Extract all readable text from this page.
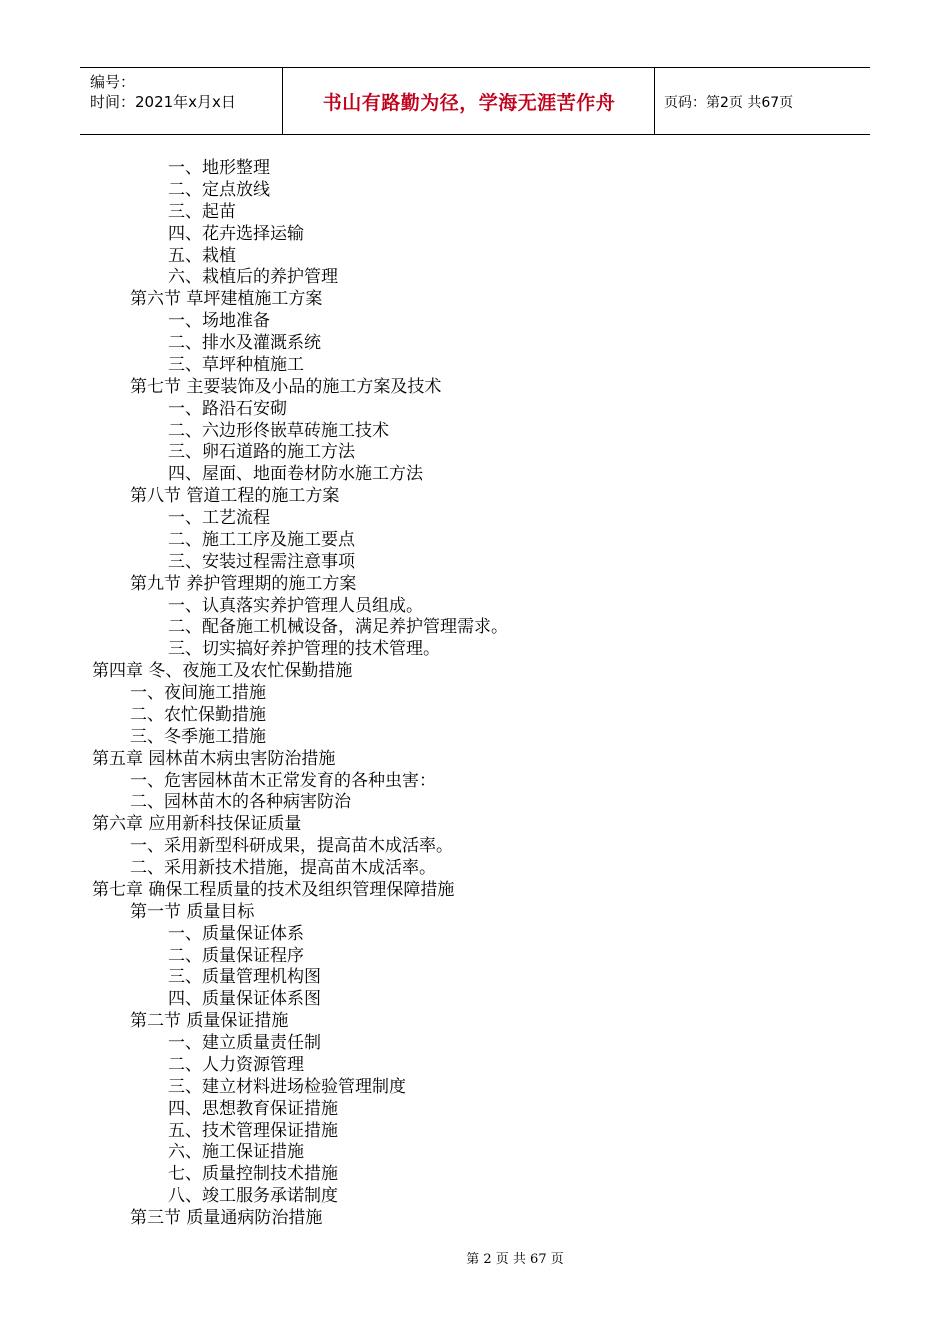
编号：
时间：2021年x月x日	书山有路勤为径，学海无涯苦作舟	页码：第2页 共67页
一、地形整理
二、定点放线
三、起苗
四、花卉选择运输
五、栽植
六、栽植后的养护管理
第六节 草坪建植施工方案
一、场地准备
二、排水及灌溉系统
三、草坪种植施工
第七节 主要装饰及小品的施工方案及技术
一、路沿石安砌
二、六边形佟嵌草砖施工技术
三、卵石道路的施工方法
四、屋面、地面卷材防水施工方法
第八节 管道工程的施工方案
一、工艺流程
二、施工工序及施工要点
三、安装过程需注意事项
第九节 养护管理期的施工方案
一、认真落实养护管理人员组成。
二、配备施工机械设备，满足养护管理需求。
三、切实搞好养护管理的技术管理。
第四章 冬、夜施工及农忙保勤措施
一、夜间施工措施
二、农忙保勤措施
三、冬季施工措施
第五章 园林苗木病虫害防治措施
一、危害园林苗木正常发育的各种虫害：
二、园林苗木的各种病害防治
第六章 应用新科技保证质量
一、采用新型科研成果，提高苗木成活率。
二、采用新技术措施，提高苗木成活率。
第七章 确保工程质量的技术及组织管理保障措施
第一节 质量目标
一、质量保证体系
二、质量保证程序
三、质量管理机构图
四、质量保证体系图
第二节 质量保证措施
一、建立质量责任制
二、人力资源管理
三、建立材料进场检验管理制度
四、思想教育保证措施
五、技术管理保证措施
六、施工保证措施
七、质量控制技术措施
八、竣工服务承诺制度
第三节 质量通病防治措施
第 2 页 共 67 页
